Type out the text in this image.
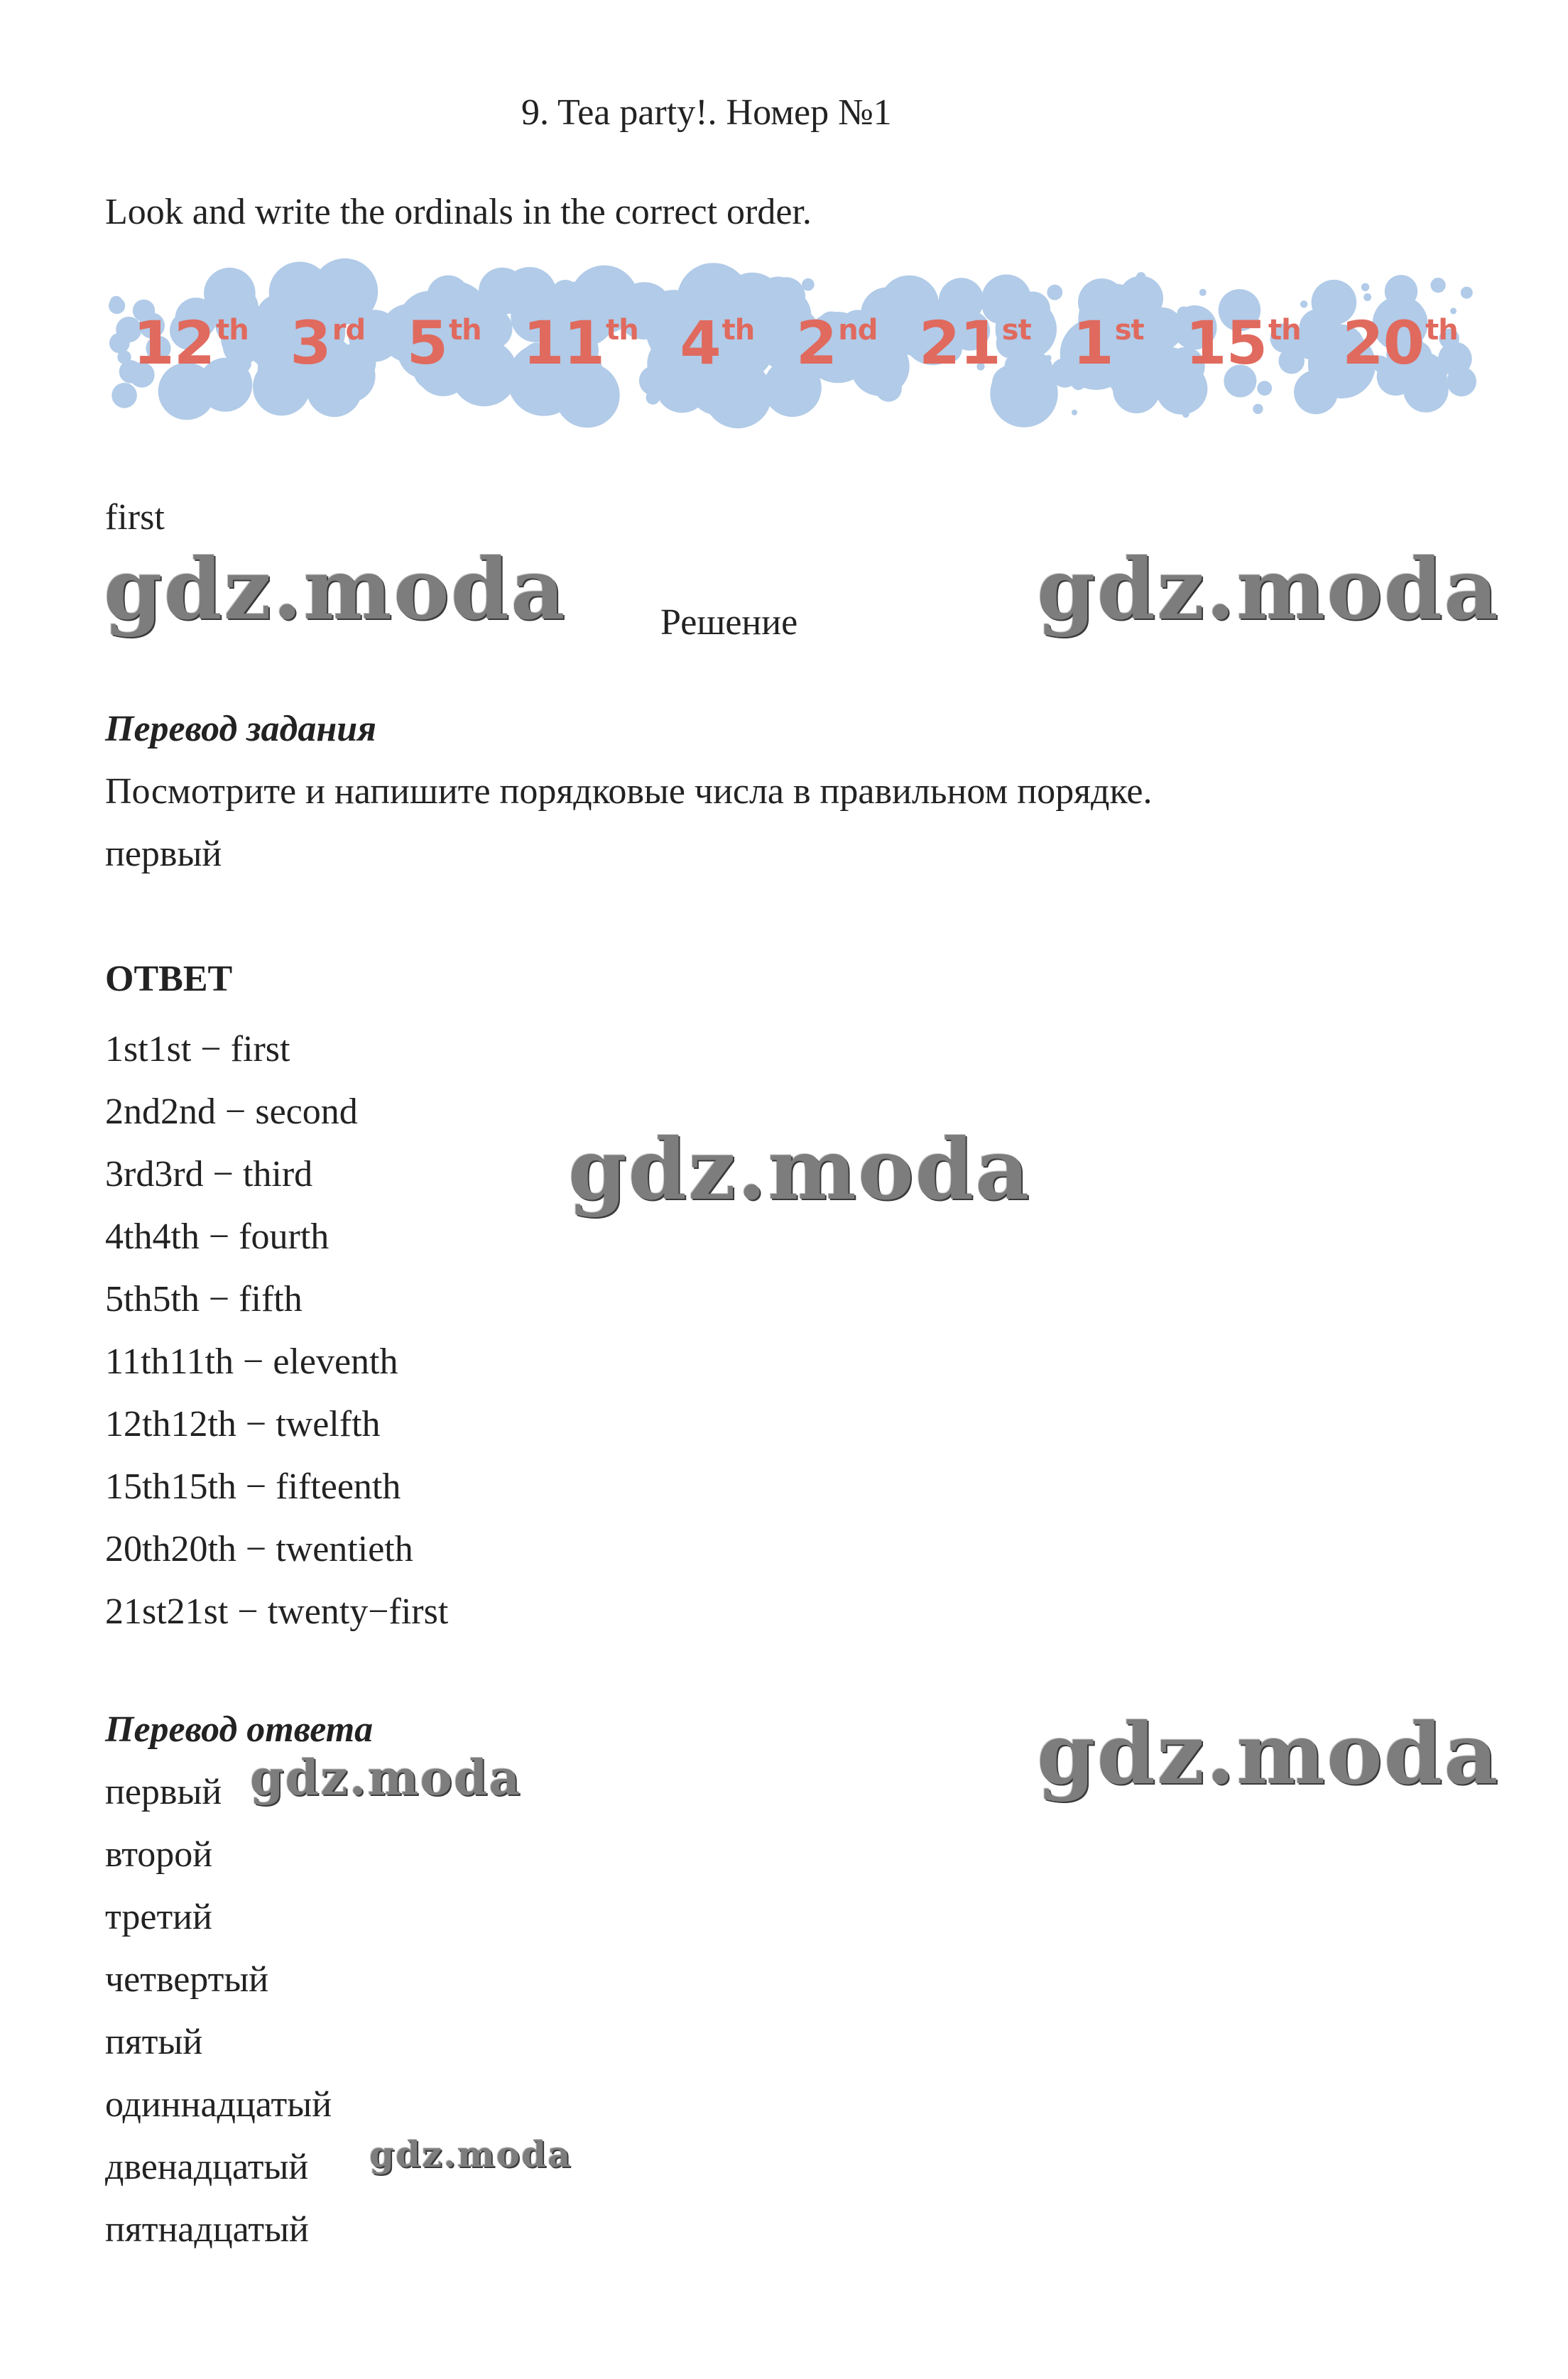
9. Tea party!. Номер №1
Look and write the ordinals in the correct order.
12th 3rd 5th 11th 4th 2nd 21st 1st 15th 20th
first
gdz.moda	gdz.moda
Решение
Перевод задания
Посмотрите и напишите порядковые числа в правильном порядке.
первый
ОТВЕТ
1st1st − first
2nd2nd − second
3rd3rd − third
4th4th − fourth
5th5th − fifth
11th11th − eleventh
12th12th − twelfth
15th15th − fifteenth
20th20th − twentieth
21st21st − twenty−first
gdz.moda
Перевод ответа
первый
второй
третий
четвертый
пятый
одиннадцатый
двенадцатый
пятнадцатый
gdz.moda
gdz.moda
gdz.moda
